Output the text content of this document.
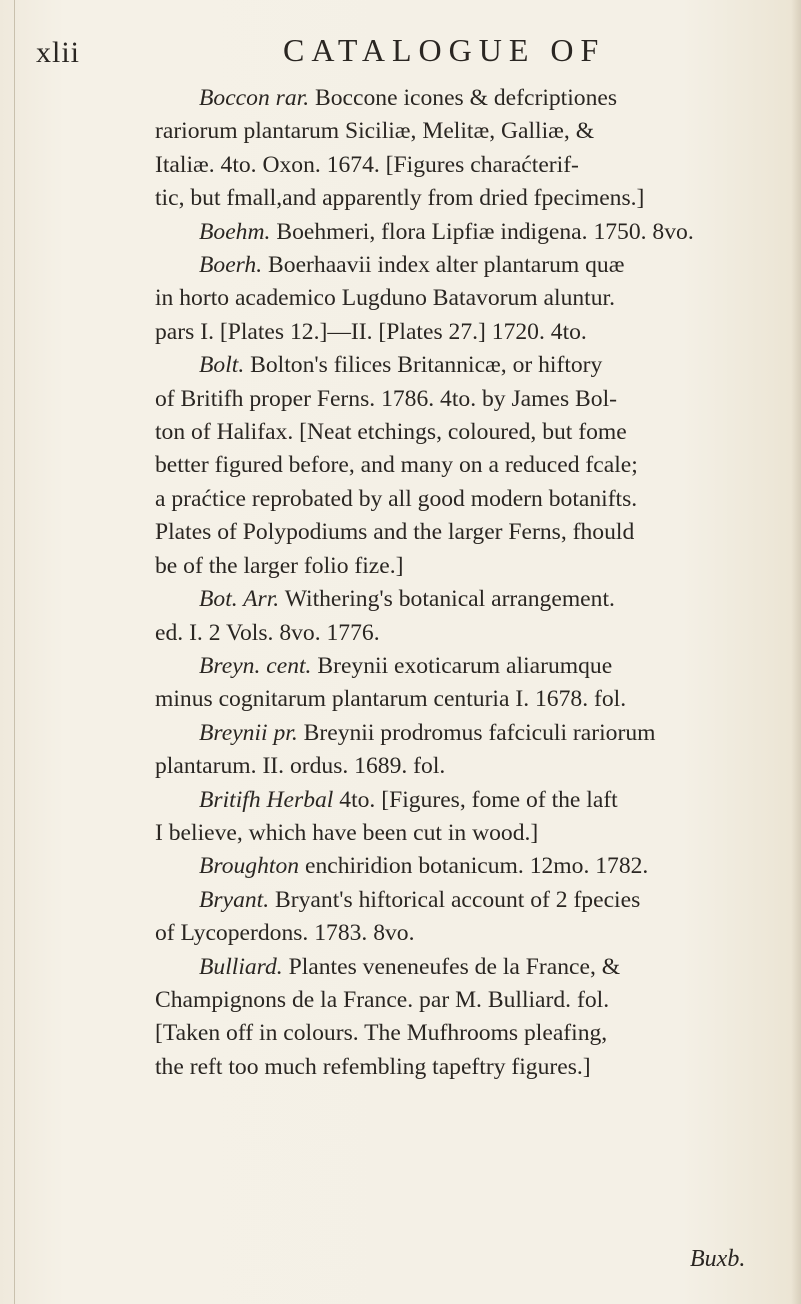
xlii	CATALOGUE OF
Boccon rar. Boccone icones & defcriptiones
rariorum plantarum Siciliæ, Melitæ, Galliæ, &
Italiæ. 4to. Oxon. 1674. [Figures charaćterif-
tic, but fmall,and apparently from dried fpecimens.]
Boehm. Boehmeri, flora Lipfiæ indigena. 1750. 8vo.
Boerh. Boerhaavii index alter plantarum quæ
in horto academico Lugduno Batavorum aluntur.
pars I. [Plates 12.]—II. [Plates 27.] 1720. 4to.
Bolt. Bolton's filices Britannicæ, or hiftory
of Britifh proper Ferns. 1786. 4to. by James Bol-
ton of Halifax. [Neat etchings, coloured, but fome
better figured before, and many on a reduced fcale;
a praćtice reprobated by all good modern botanifts.
Plates of Polypodiums and the larger Ferns, fhould
be of the larger folio fize.]
Bot. Arr. Withering's botanical arrangement.
ed. I. 2 Vols. 8vo. 1776.
Breyn. cent. Breynii exoticarum aliarumque
minus cognitarum plantarum centuria I. 1678. fol.
Breynii pr. Breynii prodromus fafciculi rariorum
plantarum. II. ordus. 1689. fol.
Britifh Herbal 4to. [Figures, fome of the laft
I believe, which have been cut in wood.]
Broughton enchiridion botanicum. 12mo. 1782.
Bryant. Bryant's hiftorical account of 2 fpecies
of Lycoperdons. 1783. 8vo.
Bulliard. Plantes veneneufes de la France, &
Champignons de la France. par M. Bulliard. fol.
[Taken off in colours. The Mufhrooms pleafing,
the reft too much refembling tapeftry figures.]
Buxb.
